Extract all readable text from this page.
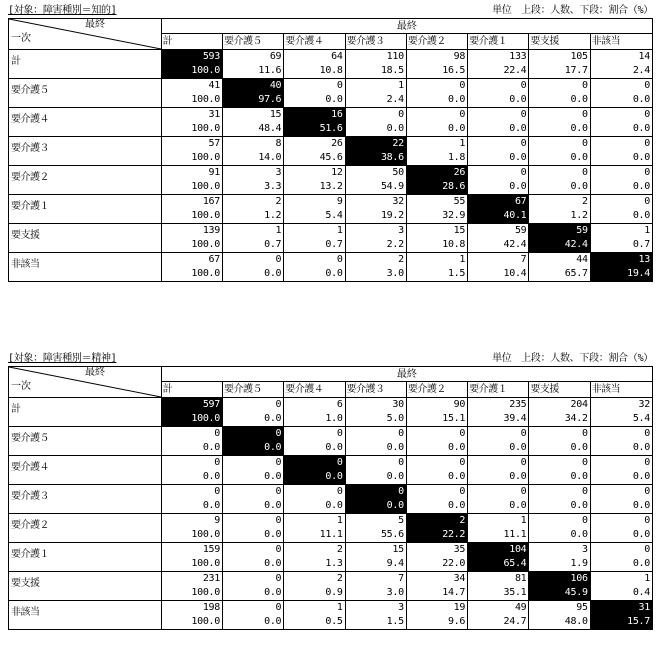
[対象：障害種別＝知的]	単位　上段：人数、下段：割合（%）
最終
一次	最終							
	計	要介護５	要介護４	要介護３	要介護２	要介護１	要支援	非該当
計	593	69	64	110	98	133	105	14
	100.0	11.6	10.8	18.5	16.5	22.4	17.7	2.4
要介護５	41	40	0	1	0	0	0	0
	100.0	97.6	0.0	2.4	0.0	0.0	0.0	0.0
要介護４	31	15	16	0	0	0	0	0
	100.0	48.4	51.6	0.0	0.0	0.0	0.0	0.0
要介護３	57	8	26	22	1	0	0	0
	100.0	14.0	45.6	38.6	1.8	0.0	0.0	0.0
要介護２	91	3	12	50	26	0	0	0
	100.0	3.3	13.2	54.9	28.6	0.0	0.0	0.0
要介護１	167	2	9	32	55	67	2	0
	100.0	1.2	5.4	19.2	32.9	40.1	1.2	0.0
要支援	139	1	1	3	15	59	59	1
	100.0	0.7	0.7	2.2	10.8	42.4	42.4	0.7
非該当	67	0	0	2	1	7	44	13
	100.0	0.0	0.0	3.0	1.5	10.4	65.7	19.4
[対象：障害種別＝精神]	単位　上段：人数、下段：割合（%）
最終
一次	最終							
	計	要介護５	要介護４	要介護３	要介護２	要介護１	要支援	非該当
計	597	0	6	30	90	235	204	32
	100.0	0.0	1.0	5.0	15.1	39.4	34.2	5.4
要介護５	0	0	0	0	0	0	0	0
	0.0	0.0	0.0	0.0	0.0	0.0	0.0	0.0
要介護４	0	0	0	0	0	0	0	0
	0.0	0.0	0.0	0.0	0.0	0.0	0.0	0.0
要介護３	0	0	0	0	0	0	0	0
	0.0	0.0	0.0	0.0	0.0	0.0	0.0	0.0
要介護２	9	0	1	5	2	1	0	0
	100.0	0.0	11.1	55.6	22.2	11.1	0.0	0.0
要介護１	159	0	2	15	35	104	3	0
	100.0	0.0	1.3	9.4	22.0	65.4	1.9	0.0
要支援	231	0	2	7	34	81	106	1
	100.0	0.0	0.9	3.0	14.7	35.1	45.9	0.4
非該当	198	0	1	3	19	49	95	31
	100.0	0.0	0.5	1.5	9.6	24.7	48.0	15.7
